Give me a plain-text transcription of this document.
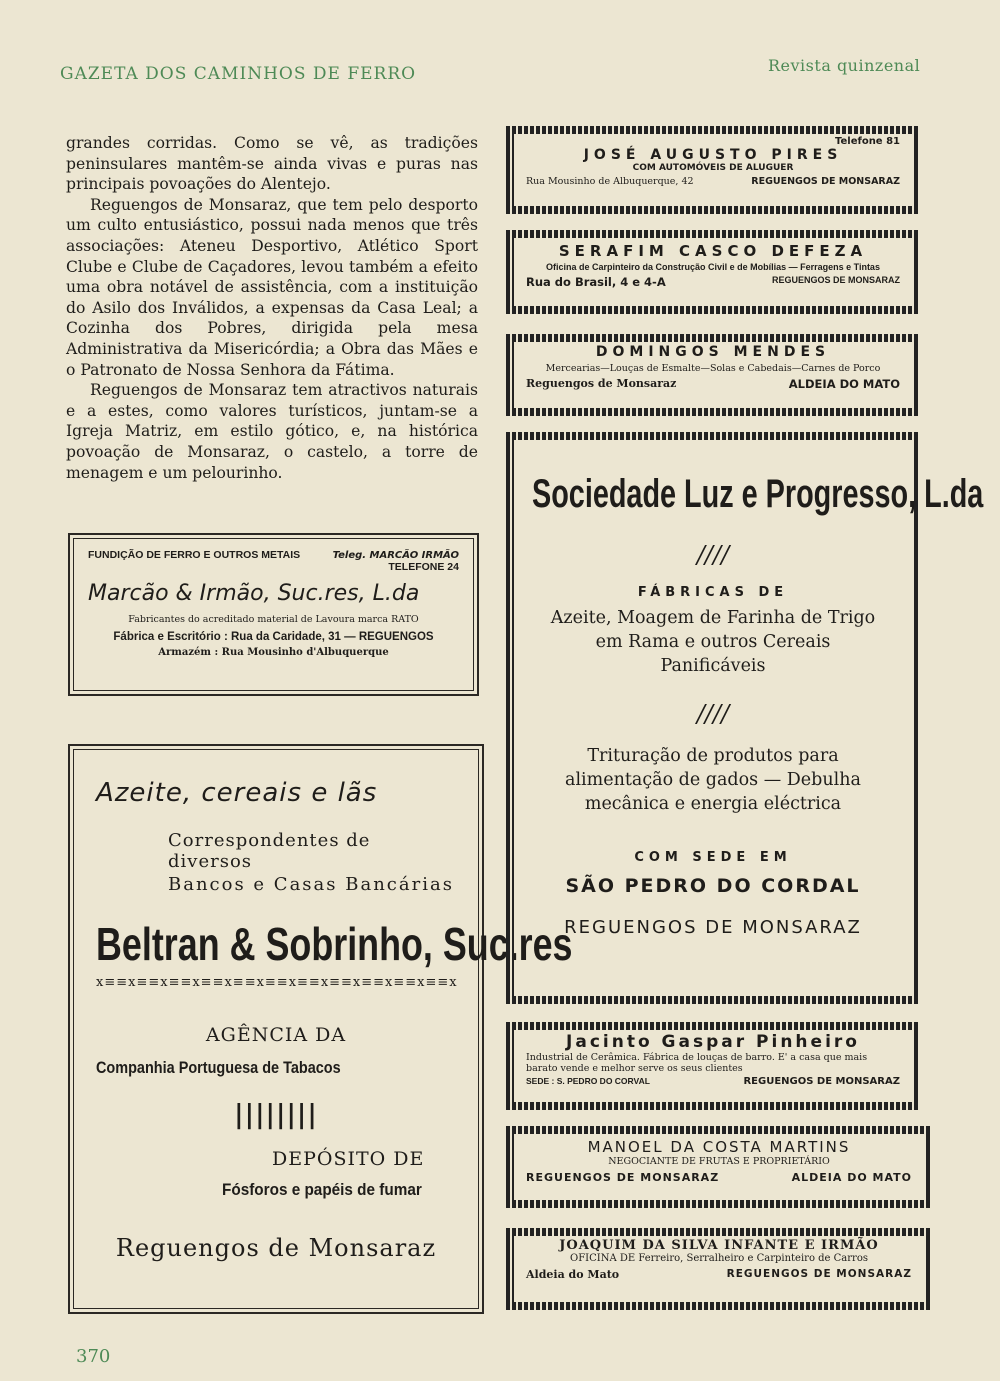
GAZETA DOS CAMINHOS DE FERRO	Revista quinzenal

grandes corridas. Como se vê, as tradições peninsulares mantêm-se ainda vivas e puras nas principais povoações do Alentejo.

Reguengos de Monsaraz, que tem pelo desporto um culto entusiástico, possui nada menos que três associações: Ateneu Desportivo, Atlético Sport Clube e Clube de Caçadores, levou também a efeito uma obra notável de assistência, com a instituição do Asilo dos Inválidos, a expensas da Casa Leal; a Cozinha dos Pobres, dirigida pela mesa Administrativa da Misericórdia; a Obra das Mães e o Patronato de Nossa Senhora da Fátima.

Reguengos de Monsaraz tem atractivos naturais e a estes, como valores turísticos, juntam-se a Igreja Matriz, em estilo gótico, e, na histórica povoação de Monsaraz, o castelo, a torre de menagem e um pelourinho.

FUNDIÇÃO DE FERRO E OUTROS METAIS	Teleg. MARCÃO IRMÃO
TELEFONE 24
Marcão & Irmão, Suc.res, L.da
Fabricantes do acreditado material de Lavoura marca RATO
Fábrica e Escritório : Rua da Caridade, 31 — REGUENGOS
Armazém : Rua Mousinho d'Albuquerque
Azeite, cereais e lãs
Correspondentes de diversos
Bancos e Casas Bancárias
Beltran & Sobrinho, Suc.res
x≡≡x≡≡x≡≡x≡≡x≡≡x≡≡x≡≡x≡≡x≡≡x≡≡x≡≡x
AGÊNCIA DA
Companhia Portuguesa de Tabacos
||||||||
DEPÓSITO DE
Fósforos e papéis de fumar
Reguengos de Monsaraz
Telefone 81
JOSÉ AUGUSTO PIRES
COM AUTOMÓVEIS DE ALUGUER
Rua Mousinho de Albuquerque, 42	REGUENGOS DE MONSARAZ
SERAFIM CASCO DEFEZA
Oficina de Carpinteiro da Construção Civil e de Mobílias — Ferragens e Tintas
Rua do Brasil, 4 e 4-A	REGUENGOS DE MONSARAZ
DOMINGOS MENDES
Mercearias—Louças de Esmalte—Solas e Cabedais—Carnes de Porco
Reguengos de Monsaraz	ALDEIA DO MATO
Sociedade Luz e Progresso, L.da
////
FÁBRICAS DE
Azeite, Moagem de Farinha de Trigo em Rama e outros Cereais Panificáveis
////
Trituração de produtos para alimentação de gados — Debulha mecânica e energia eléctrica
COM SEDE EM
SÃO PEDRO DO CORDAL
REGUENGOS DE MONSARAZ
Jacinto Gaspar Pinheiro
Industrial de Cerâmica. Fábrica de louças de barro. E' a casa que mais barato vende e melhor serve os seus clientes
SEDE : S. PEDRO DO CORVAL	REGUENGOS DE MONSARAZ
MANOEL DA COSTA MARTINS
NEGOCIANTE DE FRUTAS E PROPRIETÁRIO
REGUENGOS DE MONSARAZ	ALDEIA DO MATO
JOAQUIM DA SILVA INFANTE E IRMÃO
OFICINA DE Ferreiro, Serralheiro e Carpinteiro de Carros
Aldeia do Mato	REGUENGOS DE MONSARAZ
370
